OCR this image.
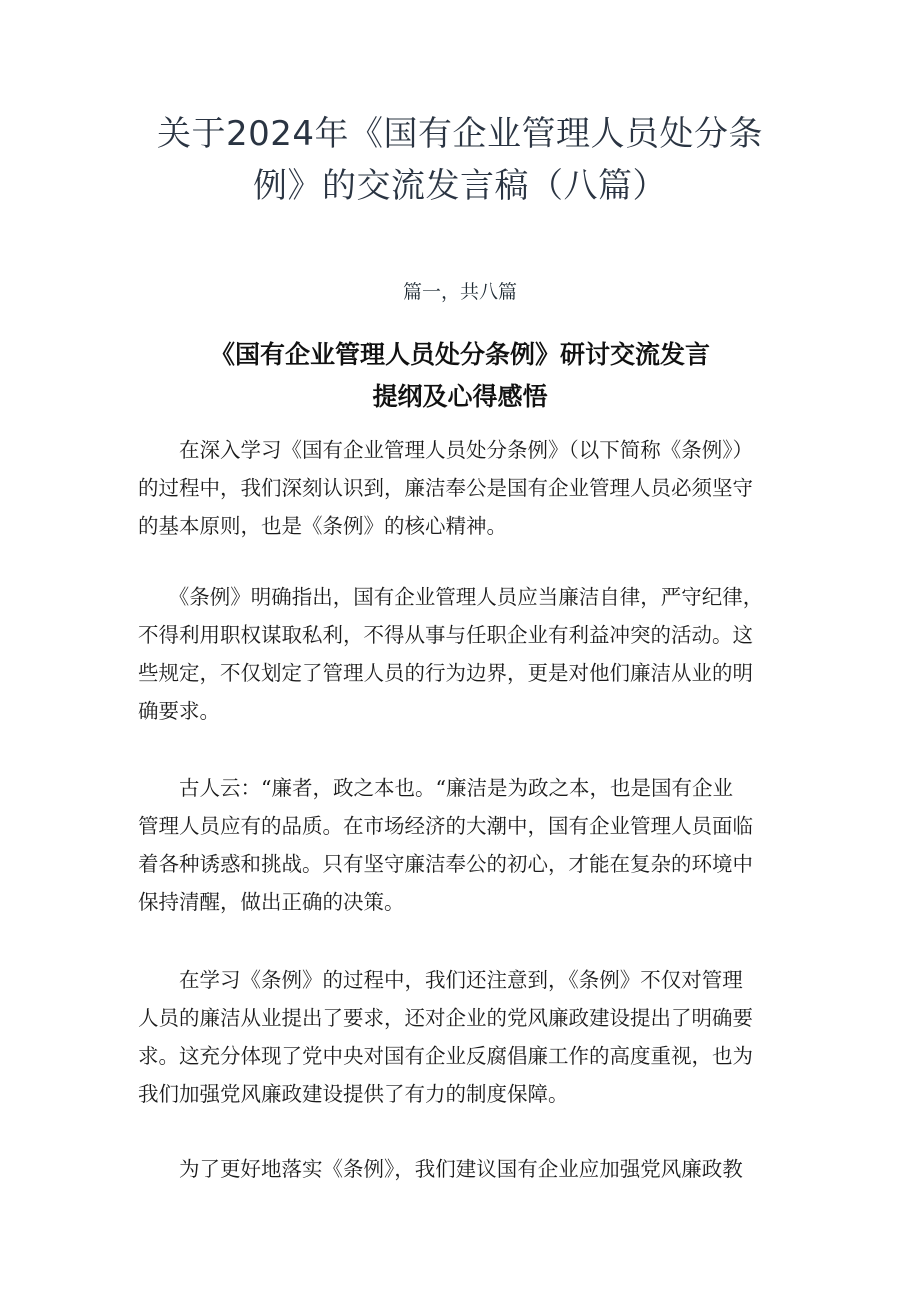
关于2024年《国有企业管理人员处分条
例》的交流发言稿（八篇）
篇一，共八篇
《国有企业管理人员处分条例》研讨交流发言
提纲及心得感悟
　　在深入学习《国有企业管理人员处分条例》（以下简称《条例》）
的过程中，我们深刻认识到，廉洁奉公是国有企业管理人员必须坚守
的基本原则，也是《条例》的核心精神。
　　《条例》明确指出，国有企业管理人员应当廉洁自律，严守纪律，
不得利用职权谋取私利，不得从事与任职企业有利益冲突的活动。这
些规定，不仅划定了管理人员的行为边界，更是对他们廉洁从业的明
确要求。
　　古人云：“廉者，政之本也。“廉洁是为政之本，也是国有企业
管理人员应有的品质。在市场经济的大潮中，国有企业管理人员面临
着各种诱惑和挑战。只有坚守廉洁奉公的初心，才能在复杂的环境中
保持清醒，做出正确的决策。
　　在学习《条例》的过程中，我们还注意到，《条例》不仅对管理
人员的廉洁从业提出了要求，还对企业的党风廉政建设提出了明确要
求。这充分体现了党中央对国有企业反腐倡廉工作的高度重视，也为
我们加强党风廉政建设提供了有力的制度保障。
　　为了更好地落实《条例》，我们建议国有企业应加强党风廉政教
